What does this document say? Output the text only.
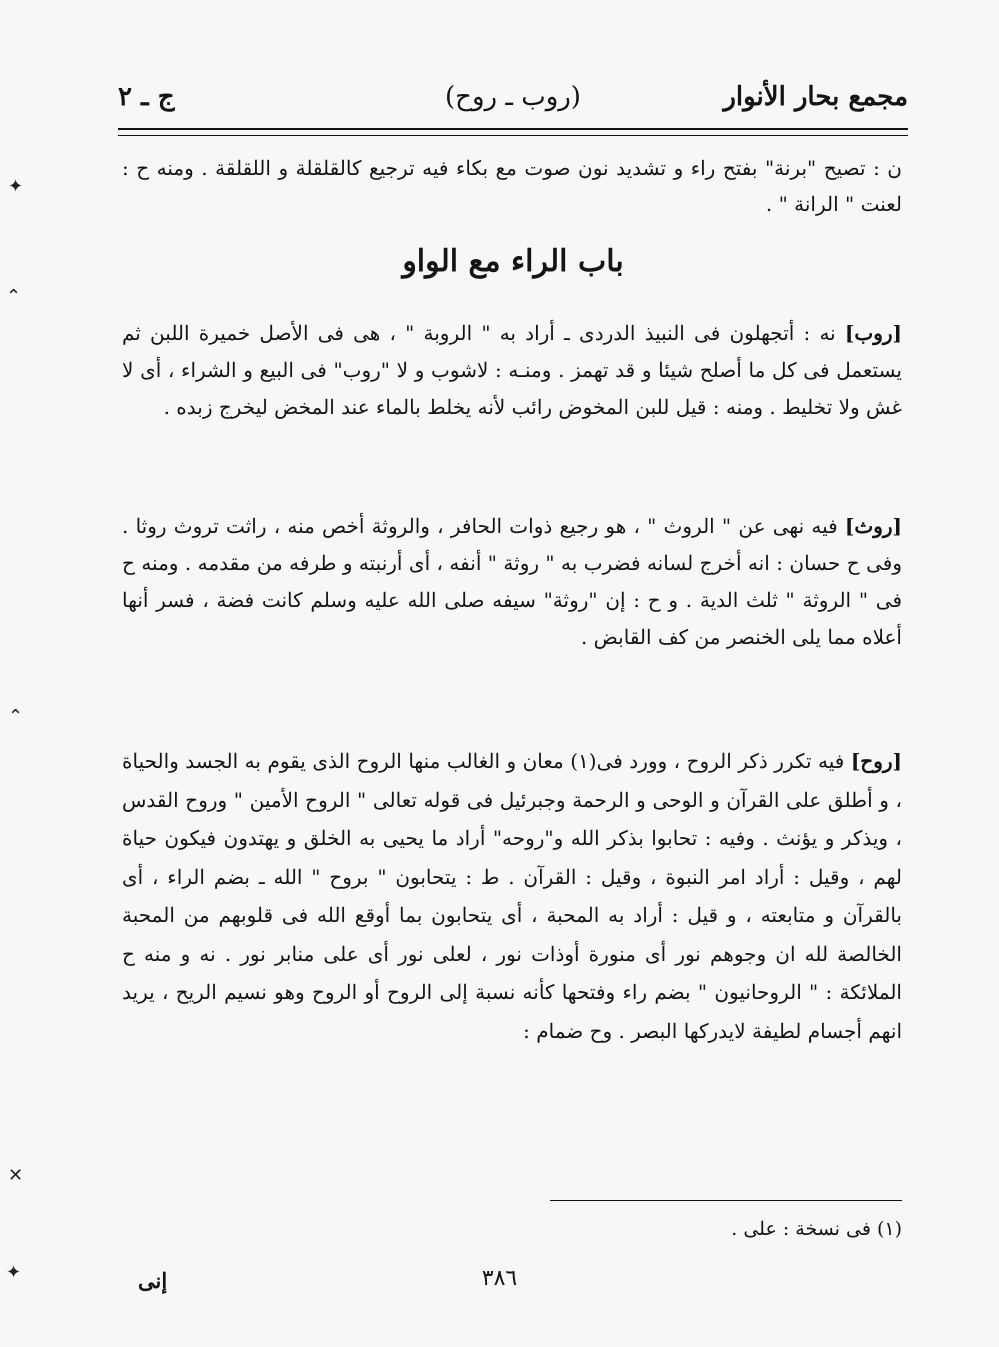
مجمع بحار الأنوار
(روب ـ روح)
ج ـ ٢

ن : تصيح "برنة" بفتح راء و تشديد نون صوت مع بكاء فيه ترجيع كالقلقلة و اللقلقة . ومنه ح : لعنت " الرانة " .

باب الراء مع الواو

[روب] نه : أتجهلون فى النبيذ الدردى ـ أراد به " الروبة " ، هى فى الأصل خميرة اللبن ثم يستعمل فى كل ما أصلح شيئا و قد تهمز . ومنـه : لاشوب و لا "روب" فى البيع و الشراء ، أى لا غش ولا تخليط . ومنه : قيل للبن المخوض رائب لأنه يخلط بالماء عند المخض ليخرج زبده .

[روث] فيه نهى عن " الروث " ، هو رجيع ذوات الحافر ، والروثة أخص منه ، راثت تروث روثا . وفى ح حسان : انه أخرج لسانه فضرب به " روثة " أنفه ، أى أرنبته و طرفه من مقدمه . ومنه ح فى " الروثة " ثلث الدية . و ح : إن "روثة" سيفه صلى الله عليه وسلم كانت فضة ، فسر أنها أعلاه مما يلى الخنصر من كف القابض .

[روح] فيه تكرر ذكر الروح ، وورد فى(١) معان و الغالب منها الروح الذى يقوم به الجسد والحياة ، و أطلق على القرآن و الوحى و الرحمة وجبرئيل فى قوله تعالى " الروح الأمين " وروح القدس ، ويذكر و يؤنث . وفيه : تحابوا بذكر الله و"روحه" أراد ما يحيى به الخلق و يهتدون فيكون حياة لهم ، وقيل : أراد امر النبوة ، وقيل : القرآن . ط : يتحابون " بروح " الله ـ بضم الراء ، أى بالقرآن و متابعته ، و قيل : أراد به المحبة ، أى يتحابون بما أوقع الله فى قلوبهم من المحبة الخالصة لله ان وجوهم نور أى منورة أوذات نور ، لعلى نور أى على منابر نور . نه و منه ح الملائكة : " الروحانيون " بضم راء وفتحها كأنه نسبة إلى الروح أو الروح وهو نسيم الريح ، يريد انهم أجسام لطيفة لايدركها البصر . وح ضمام :

(١) فى نسخة : على .
٣٨٦
إنى
✦
⌃
⌃
✕
✦
